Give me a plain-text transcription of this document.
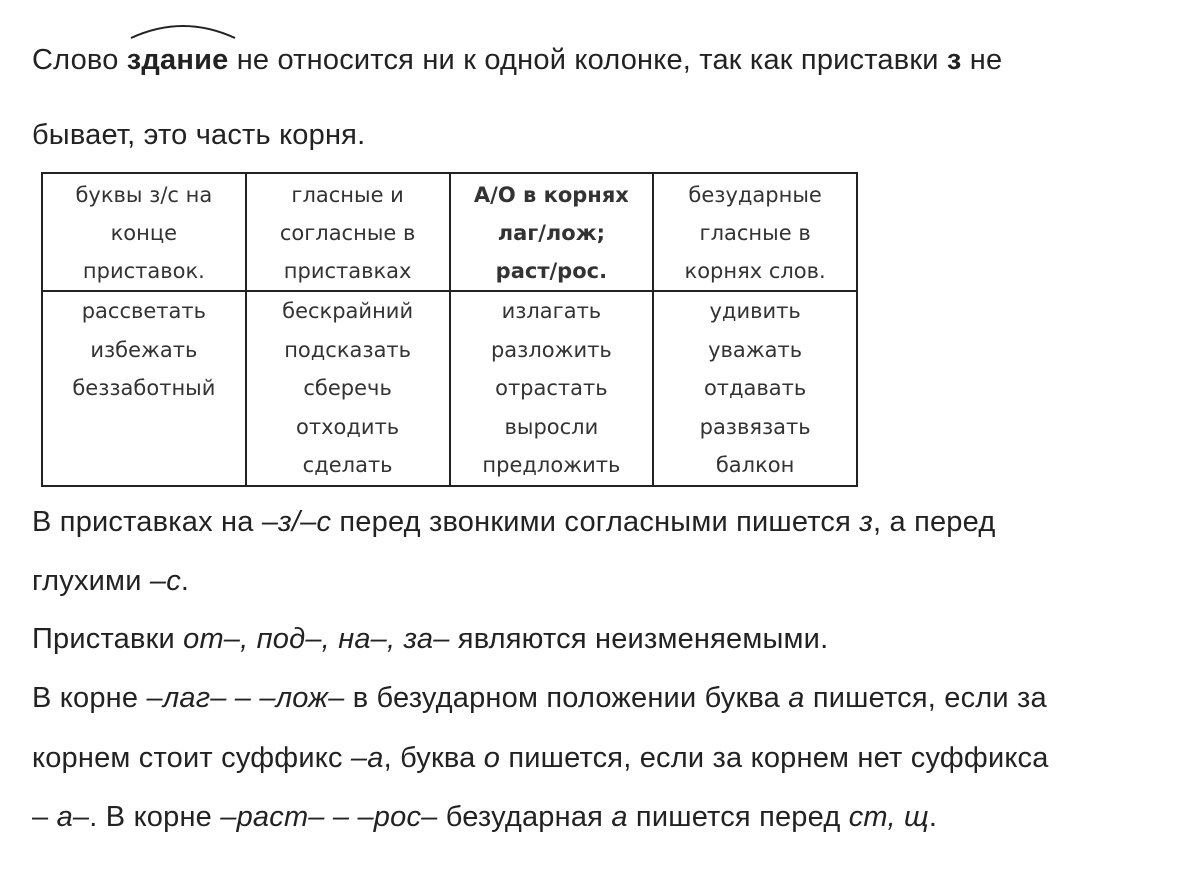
Слово здание не относится ни к одной колонке, так как приставки з не

бывает, это часть корня.

буквы з/с на
конце
приставок.	гласные и
согласные в
приставках	А/О в корнях
лаг/лож;
раст/рос.	безударные
гласные в
корнях слов.

рассветать
избежать
беззаботный	бескрайний
подсказать
сберечь
отходить
сделать	излагать
разложить
отрастать
выросли
предложить	удивить
уважать
отдавать
развязать
балкон

В приставках на –з/–с перед звонкими согласными пишется з, а перед

глухими –с.

Приставки от–, под–, на–, за– являются неизменяемыми.

В корне –лаг– – –лож– в безударном положении буква а пишется, если за

корнем стоит суффикс –а, буква о пишется, если за корнем нет суффикса

– а–. В корне –раст– – –рос– безударная а пишется перед ст, щ.
